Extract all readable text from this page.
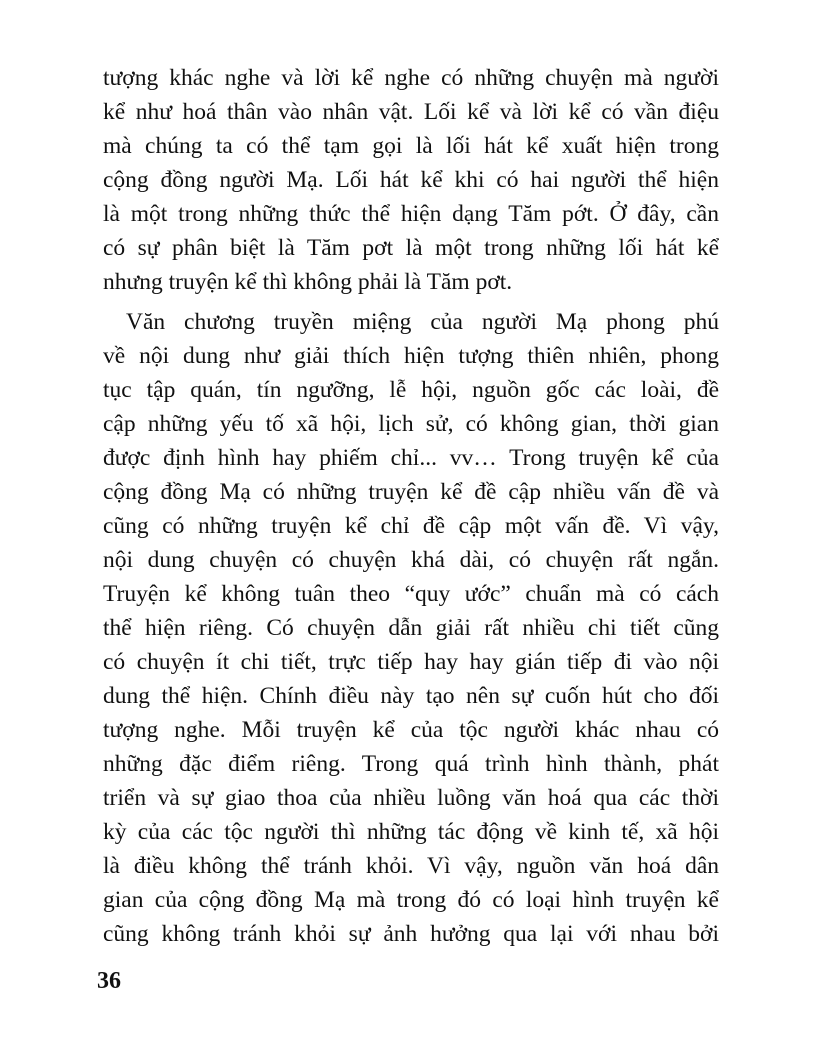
tượng khác nghe và lời kể nghe có những chuyện mà người
kể như hoá thân vào nhân vật. Lối kể và lời kể có vần điệu
mà chúng ta có thể tạm gọi là lối hát kể xuất hiện trong
cộng đồng người Mạ. Lối hát kể khi có hai người thể hiện
là một trong những thức thể hiện dạng Tăm pớt. Ở đây, cần
có sự phân biệt là Tăm pơt là một trong những lối hát kể
nhưng truyện kể thì không phải là Tăm pơt.
Văn chương truyền miệng của người Mạ phong phú
về nội dung như giải thích hiện tượng thiên nhiên, phong
tục tập quán, tín ngưỡng, lễ hội, nguồn gốc các loài, đề
cập những yếu tố xã hội, lịch sử, có không gian, thời gian
được định hình hay phiếm chỉ... vv… Trong truyện kể của
cộng đồng Mạ có những truyện kể đề cập nhiều vấn đề và
cũng có những truyện kể chỉ đề cập một vấn đề. Vì vậy,
nội dung chuyện có chuyện khá dài, có chuyện rất ngắn.
Truyện kể không tuân theo “quy ước” chuẩn mà có cách
thể hiện riêng. Có chuyện dẫn giải rất nhiều chi tiết cũng
có chuyện ít chi tiết, trực tiếp hay hay gián tiếp đi vào nội
dung thể hiện. Chính điều này tạo nên sự cuốn hút cho đối
tượng nghe. Mỗi truyện kể của tộc người khác nhau có
những đặc điểm riêng. Trong quá trình hình thành, phát
triển và sự giao thoa của nhiều luồng văn hoá qua các thời
kỳ của các tộc người thì những tác động về kinh tế, xã hội
là điều không thể tránh khỏi. Vì vậy, nguồn văn hoá dân
gian của cộng đồng Mạ mà trong đó có loại hình truyện kể
cũng không tránh khỏi sự ảnh hưởng qua lại với nhau bởi
36
